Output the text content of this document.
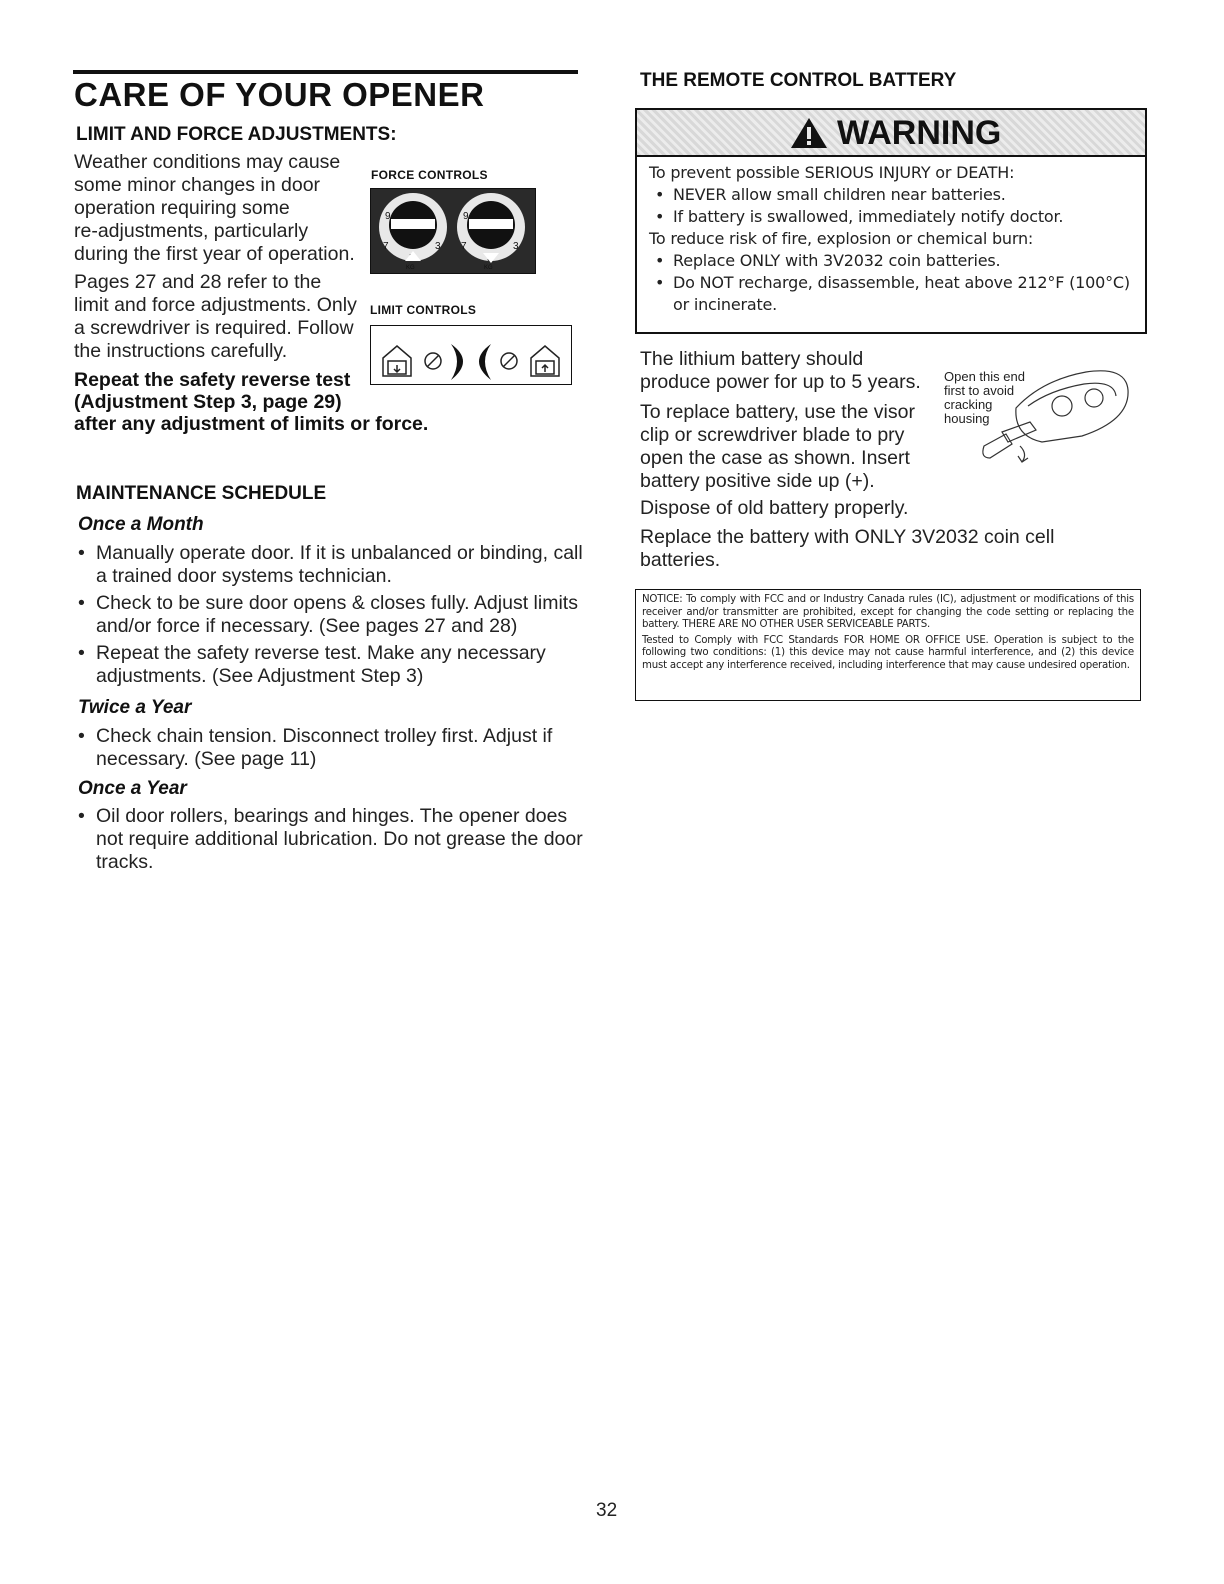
CARE OF YOUR OPENER
LIMIT AND FORCE ADJUSTMENTS:

Weather conditions may cause

some minor changes in door

operation requiring some

re-adjustments, particularly

during the first year of operation.

Pages 27 and 28 refer to the

limit and force adjustments. Only

a screwdriver is required. Follow

the instructions carefully.

Repeat the safety reverse test
(Adjustment Step 3, page 29)
after any adjustment of limits or force.
FORCE CONTROLS
9
7	3
KG
9
7	3
KG
LIMIT CONTROLS
MAINTENANCE SCHEDULE
Once a Month
• Manually operate door. If it is unbalanced or binding, call a trained door systems technician.
• Check to be sure door opens & closes fully. Adjust limits and/or force if necessary. (See pages 27 and 28)
• Repeat the safety reverse test. Make any necessary adjustments. (See Adjustment Step 3)
Twice a Year
• Check chain tension. Disconnect trolley first. Adjust if necessary. (See page 11)
Once a Year
• Oil door rollers, bearings and hinges. The opener does not require additional lubrication. Do not grease the door tracks.
THE REMOTE CONTROL BATTERY
WARNING
To prevent possible SERIOUS INJURY or DEATH:
• NEVER allow small children near batteries.
• If battery is swallowed, immediately notify doctor.
To reduce risk of fire, explosion or chemical burn:
• Replace ONLY with 3V2032 coin batteries.
• Do NOT recharge, disassemble, heat above 212°F (100°C) or incinerate.

The lithium battery should

produce power for up to 5 years.

To replace battery, use the visor

clip or screwdriver blade to pry

open the case as shown. Insert

battery positive side up (+).

Dispose of old battery properly.

Replace the battery with ONLY 3V2032 coin cell

batteries.

Open this end
first to avoid
cracking
housing

NOTICE: To comply with FCC and or Industry Canada rules (IC), adjustment or modifications of this receiver and/or transmitter are prohibited, except for changing the code setting or replacing the battery. THERE ARE NO OTHER USER SERVICEABLE PARTS.

Tested to Comply with FCC Standards FOR HOME OR OFFICE USE. Operation is subject to the following two conditions: (1) this device may not cause harmful interference, and (2) this device must accept any interference received, including interference that may cause undesired operation.

32
